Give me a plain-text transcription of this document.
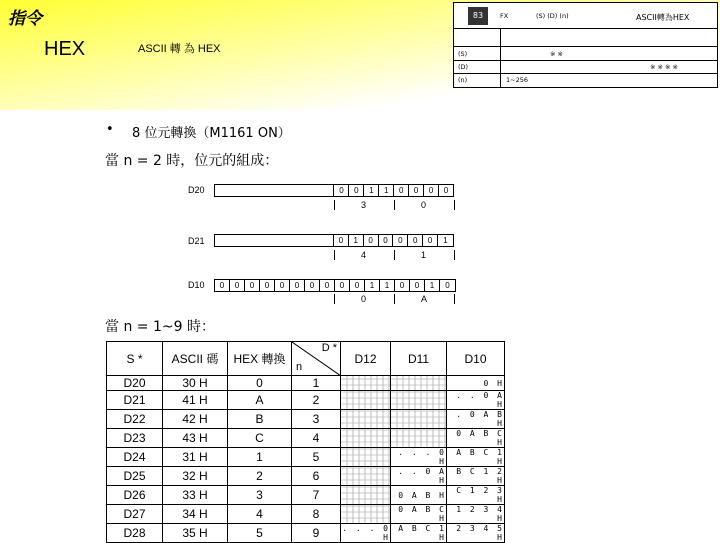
指令
HEX	ASCII 轉 為 HEX
83	FX	(S) (D) (n)	ASCII轉為HEX
(S)	※ ※
(D)	※ ※ ※ ※
(n)	1~256
• 8 位元轉換（M1161 ON）
當 n = 2 時，位元的組成：
D20	0	0	1	1	0	0	0	0
3	0
D21	0	1	0	0	0	0	0	1
4	1
D10	0	0	0	0	0	0	0	0	0	0	1	1	0	0	1	0
0	A
當 n = 1~9 時：
S *	ASCII 碼	HEX 轉換	D *
n	D12	D11	D10
D20	30 H	0	1			0 H
D21	41 H	A	2			. . 0 A H
D22	42 H	B	3			. 0 A B H
D23	43 H	C	4			0 A B C H
D24	31 H	1	5		. . . 0 H	A B C 1 H
D25	32 H	2	6		. . 0 A H	B C 1 2 H
D26	33 H	3	7		0 A B H	C 1 2 3 H
D27	34 H	4	8		0 A B C H	1 2 3 4 H
D28	35 H	5	9	. . . 0 H	A B C 1 H	2 3 4 5 H
